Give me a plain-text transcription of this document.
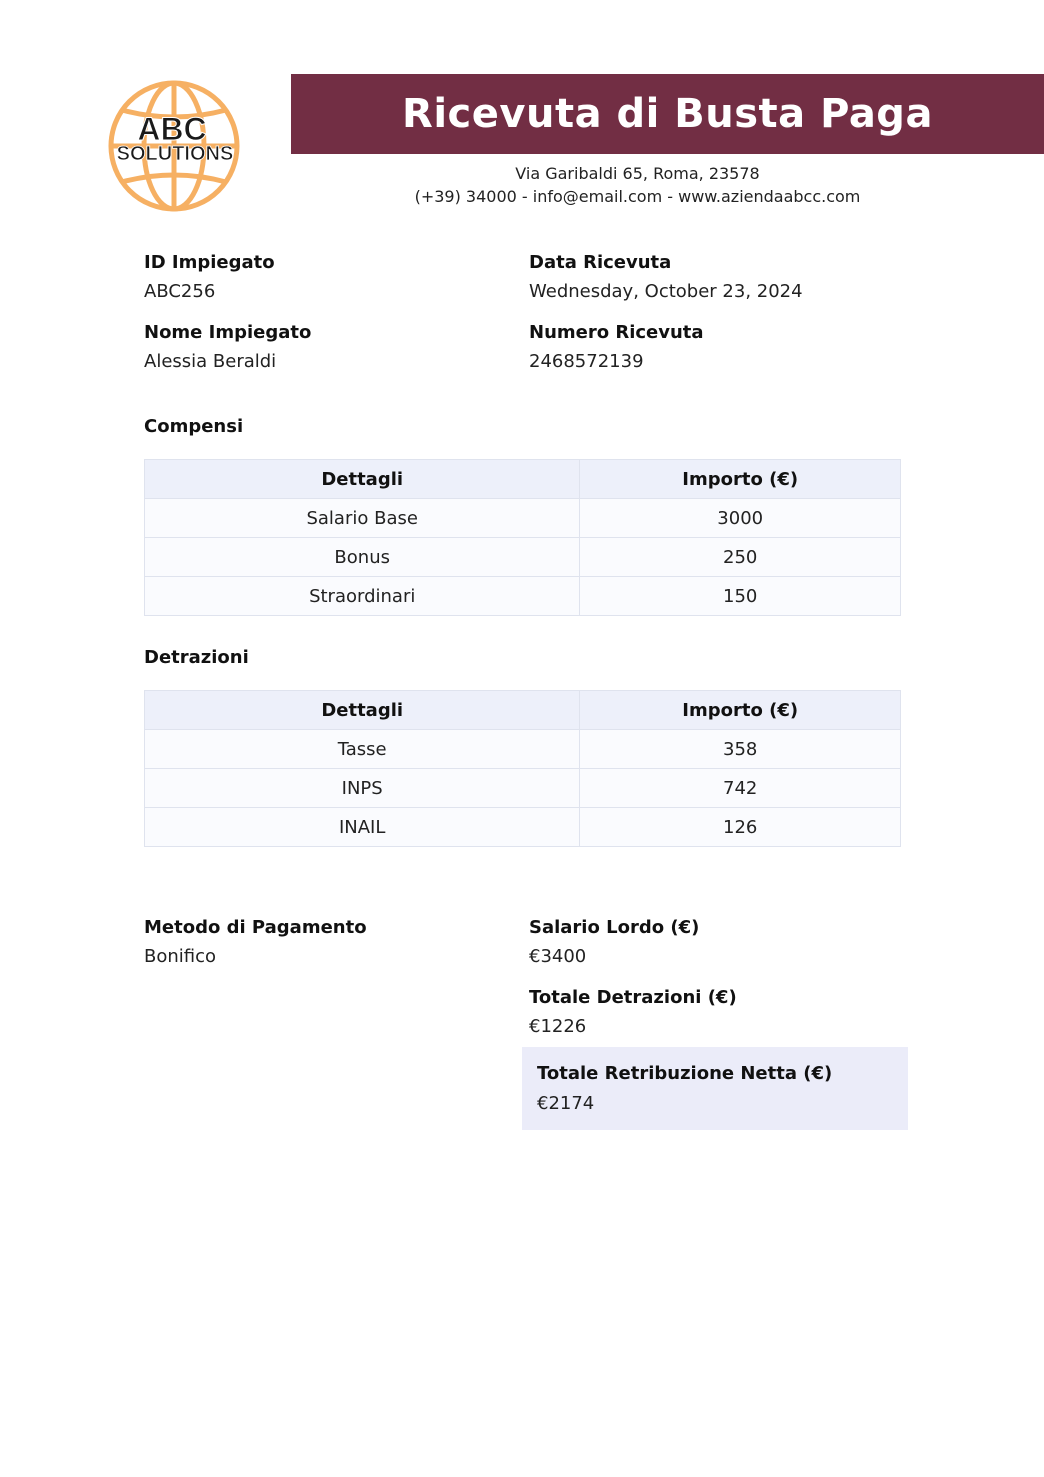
ABC
SOLUTIONS
Ricevuta di Busta Paga
Via Garibaldi 65, Roma, 23578
(+39) 34000 - info@email.com - www.aziendaabcc.com
ID Impiegato
ABC256
Data Ricevuta
Wednesday, October 23, 2024
Nome Impiegato
Alessia Beraldi
Numero Ricevuta
2468572139
Compensi
Dettagli	Importo (€)
Salario Base	3000
Bonus	250
Straordinari	150
Detrazioni
Dettagli	Importo (€)
Tasse	358
INPS	742
INAIL	126
Metodo di Pagamento
Bonifico
Salario Lordo (€)
€3400
Totale Detrazioni (€)
€1226
Totale Retribuzione Netta (€)
€2174
